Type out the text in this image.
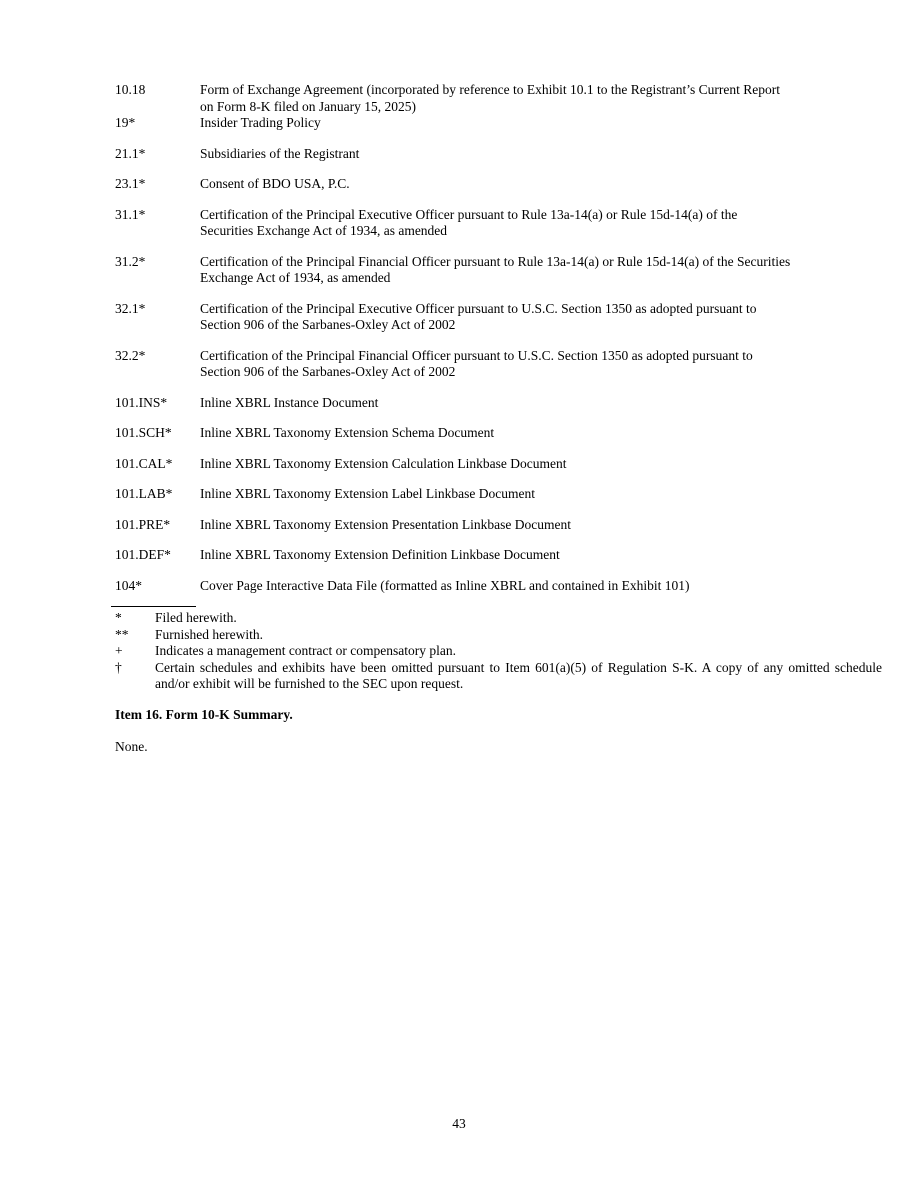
10.18	Form of Exchange Agreement (incorporated by reference to Exhibit 10.1 to the Registrant’s Current Report on Form 8-K filed on January 15, 2025)
19*	Insider Trading Policy
21.1*	Subsidiaries of the Registrant
23.1*	Consent of BDO USA, P.C.
31.1*	Certification of the Principal Executive Officer pursuant to Rule 13a-14(a) or Rule 15d-14(a) of the Securities Exchange Act of 1934, as amended
31.2*	Certification of the Principal Financial Officer pursuant to Rule 13a-14(a) or Rule 15d-14(a) of the Securities Exchange Act of 1934, as amended
32.1*	Certification of the Principal Executive Officer pursuant to U.S.C. Section 1350 as adopted pursuant to Section 906 of the Sarbanes-Oxley Act of 2002
32.2*	Certification of the Principal Financial Officer pursuant to U.S.C. Section 1350 as adopted pursuant to Section 906 of the Sarbanes-Oxley Act of 2002
101.INS*	Inline XBRL Instance Document
101.SCH*	Inline XBRL Taxonomy Extension Schema Document
101.CAL*	Inline XBRL Taxonomy Extension Calculation Linkbase Document
101.LAB*	Inline XBRL Taxonomy Extension Label Linkbase Document
101.PRE*	Inline XBRL Taxonomy Extension Presentation Linkbase Document
101.DEF*	Inline XBRL Taxonomy Extension Definition Linkbase Document
104*	Cover Page Interactive Data File (formatted as Inline XBRL and contained in Exhibit 101)
*	Filed herewith.
**	Furnished herewith.
+	Indicates a management contract or compensatory plan.
†	Certain schedules and exhibits have been omitted pursuant to Item 601(a)(5) of Regulation S-K. A copy of any omitted schedule and/or exhibit will be furnished to the SEC upon request.

Item 16. Form 10-K Summary.

None.

43
